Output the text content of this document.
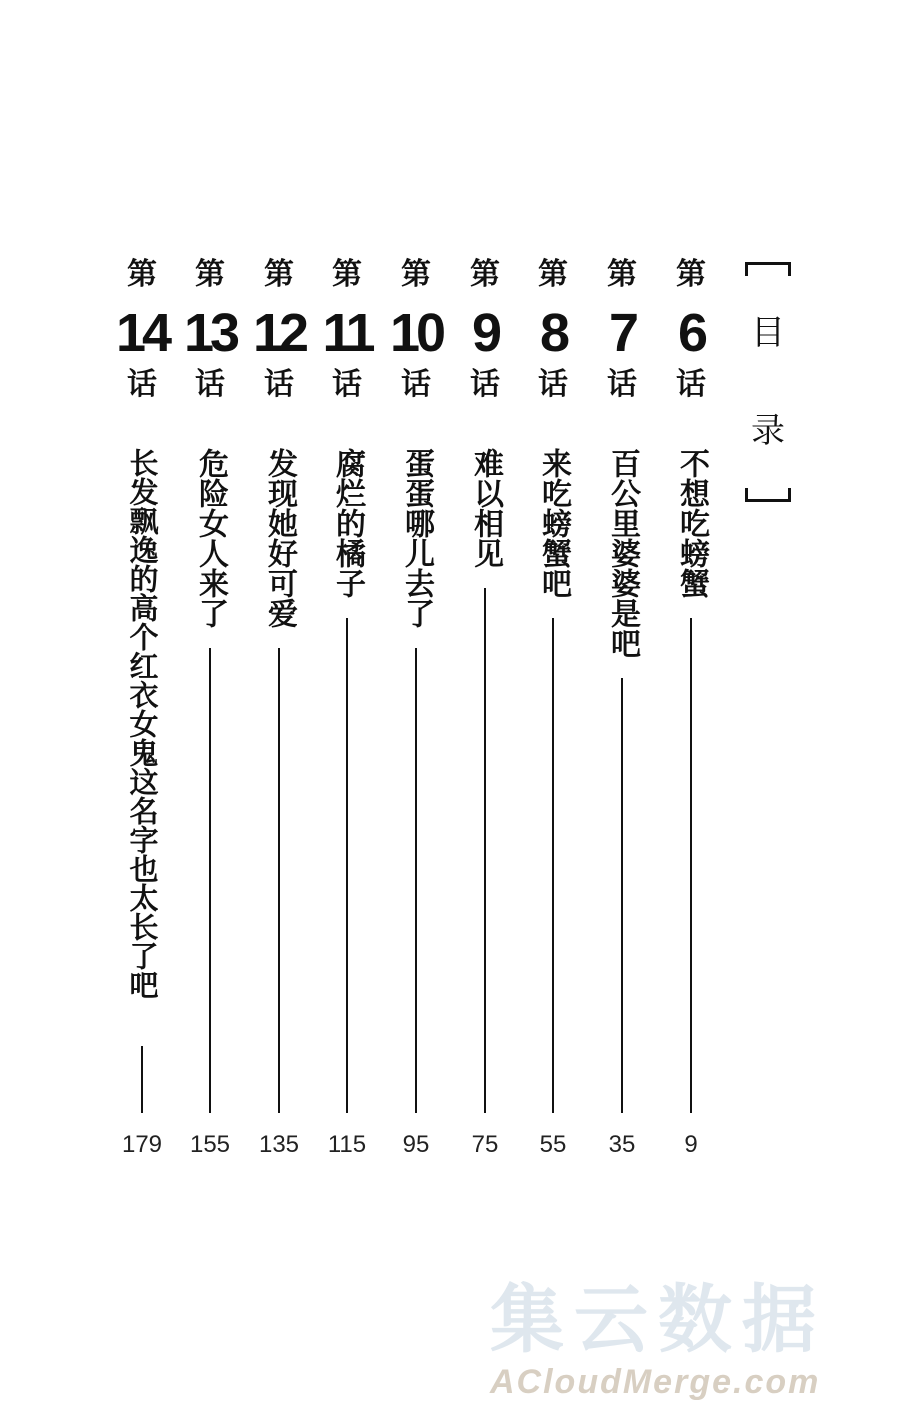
目
录
第
6
话
不想吃螃蟹
9
第
7
话
百公里婆婆是吧
35
第
8
话
来吃螃蟹吧
55
第
9
话
难以相见
75
第
10
话
蛋蛋哪儿去了
95
第
11
话
腐烂的橘子
115
第
12
话
发现她好可爱
135
第
13
话
危险女人来了
155
第
14
话
长发飘逸的高个红衣女鬼这名字也太长了吧
179
集云数据
ACloudMerge.com
